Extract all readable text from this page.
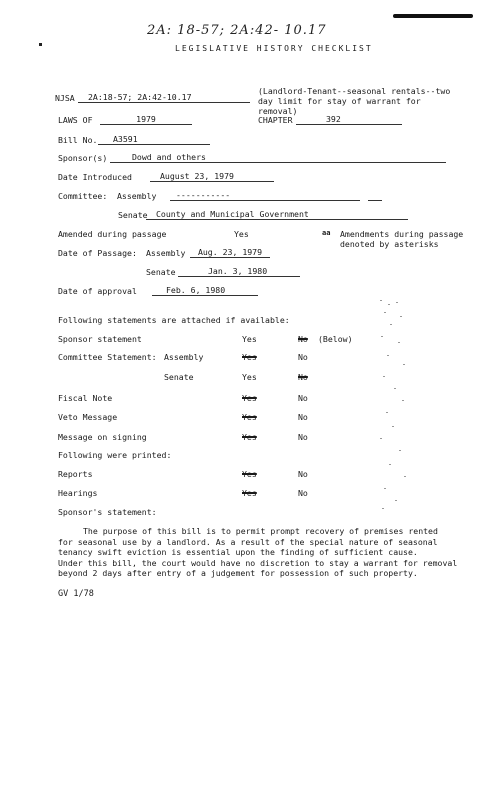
2A: 18-57; 2A:42- 10.17
LEGISLATIVE HISTORY CHECKLIST
NJSA	2A:18-57; 2A:42-10.17
(Landlord-Tenant--seasonal rentals--two day limit for stay of warrant for removal)
LAWS OF	1979	CHAPTER	392
Bill No.	A3591
Sponsor(s)	Dowd and others
Date Introduced	August 23, 1979
Committee: Assembly	-----------
Senate	County and Municipal Government
Amended during passage	Yes	aa Amendments during passage denoted by asterisks
Date of Passage: Assembly	Aug. 23, 1979
Senate	Jan. 3, 1980
Date of approval	Feb. 6, 1980
Following statements are attached if available:
Sponsor statement	Yes	No (Below)
Committee Statement: Assembly	Yes	No
Senate	Yes	No
Fiscal Note	Yes	No
Veto Message	Yes	No
Message on signing	Yes	No
Following were printed:
Reports	Yes	No
Hearings	Yes	No
Sponsor's statement:
The purpose of this bill is to permit prompt recovery of premises rented
for seasonal use by a landlord. As a result of the special nature of seasonal
tenancy swift eviction is essential upon the finding of sufficient cause.
Under this bill, the court would have no discretion to stay a warrant for removal
beyond 2 days after entry of a judgement for possession of such property.
GV 1/78
